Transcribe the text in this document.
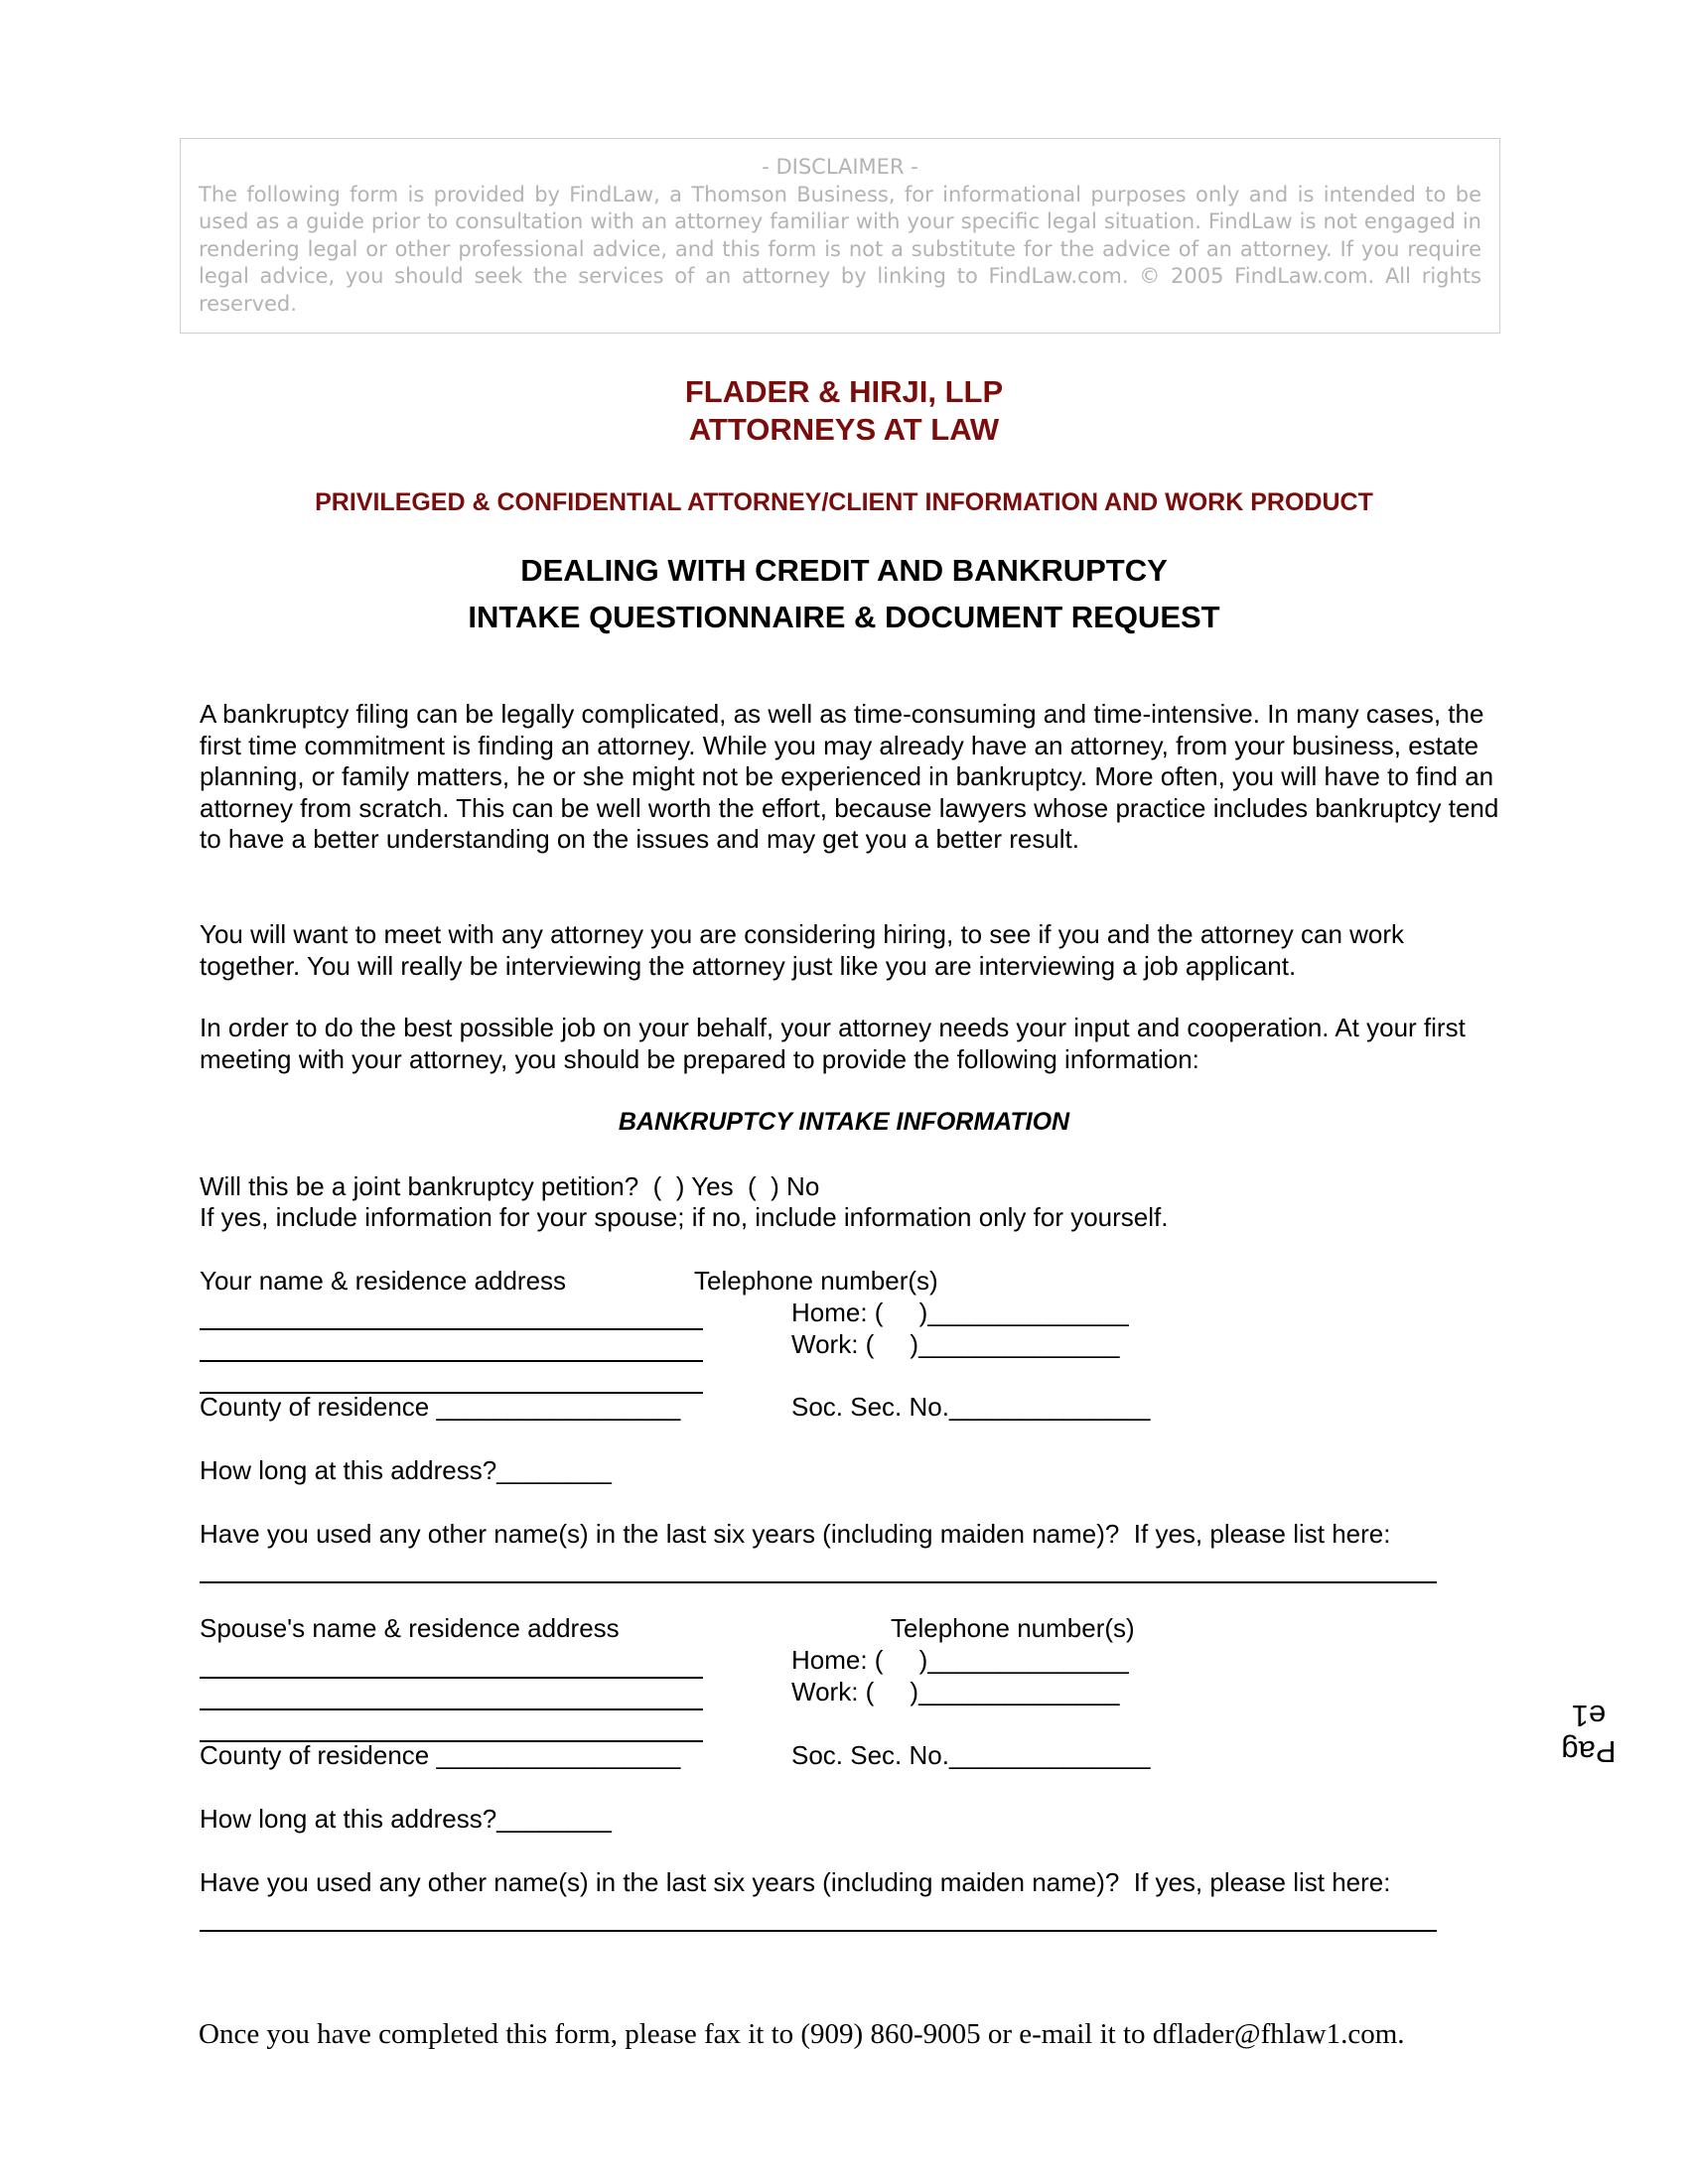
- DISCLAIMER -
The following form is provided by FindLaw, a Thomson Business, for informational purposes only and is intended to be used as a guide prior to consultation with an attorney familiar with your specific legal situation. FindLaw is not engaged in rendering legal or other professional advice, and this form is not a substitute for the advice of an attorney. If you require legal advice, you should seek the services of an attorney by linking to FindLaw.com. © 2005 FindLaw.com. All rights reserved.
FLADER & HIRJI, LLP
ATTORNEYS AT LAW
PRIVILEGED & CONFIDENTIAL ATTORNEY/CLIENT INFORMATION AND WORK PRODUCT
DEALING WITH CREDIT AND BANKRUPTCY
INTAKE QUESTIONNAIRE & DOCUMENT REQUEST
A bankruptcy filing can be legally complicated, as well as time-consuming and time-intensive. In many cases, the first time commitment is finding an attorney. While you may already have an attorney, from your business, estate planning, or family matters, he or she might not be experienced in bankruptcy. More often, you will have to find an attorney from scratch. This can be well worth the effort, because lawyers whose practice includes bankruptcy tend to have a better understanding on the issues and may get you a better result.
You will want to meet with any attorney you are considering hiring, to see if you and the attorney can work together. You will really be interviewing the attorney just like you are interviewing a job applicant.
In order to do the best possible job on your behalf, your attorney needs your input and cooperation. At your first meeting with your attorney, you should be prepared to provide the following information:
BANKRUPTCY INTAKE INFORMATION
Will this be a joint bankruptcy petition?  (  ) Yes  (  ) No
If yes, include information for your spouse; if no, include information only for yourself.
Your name & residence address	Telephone number(s)
Home: (     )______________
Work: (     )______________
County of residence _________________	Soc. Sec. No.______________
How long at this address?________
Have you used any other name(s) in the last six years (including maiden name)?  If yes, please list here:
Spouse's name & residence address	Telephone number(s)
Home: (     )______________
Work: (     )______________
County of residence _________________	Soc. Sec. No.______________
How long at this address?________
Have you used any other name(s) in the last six years (including maiden name)?  If yes, please list here:
Pag
e1
Once you have completed this form, please fax it to (909) 860-9005 or e-mail it to dflader@fhlaw1.com.
